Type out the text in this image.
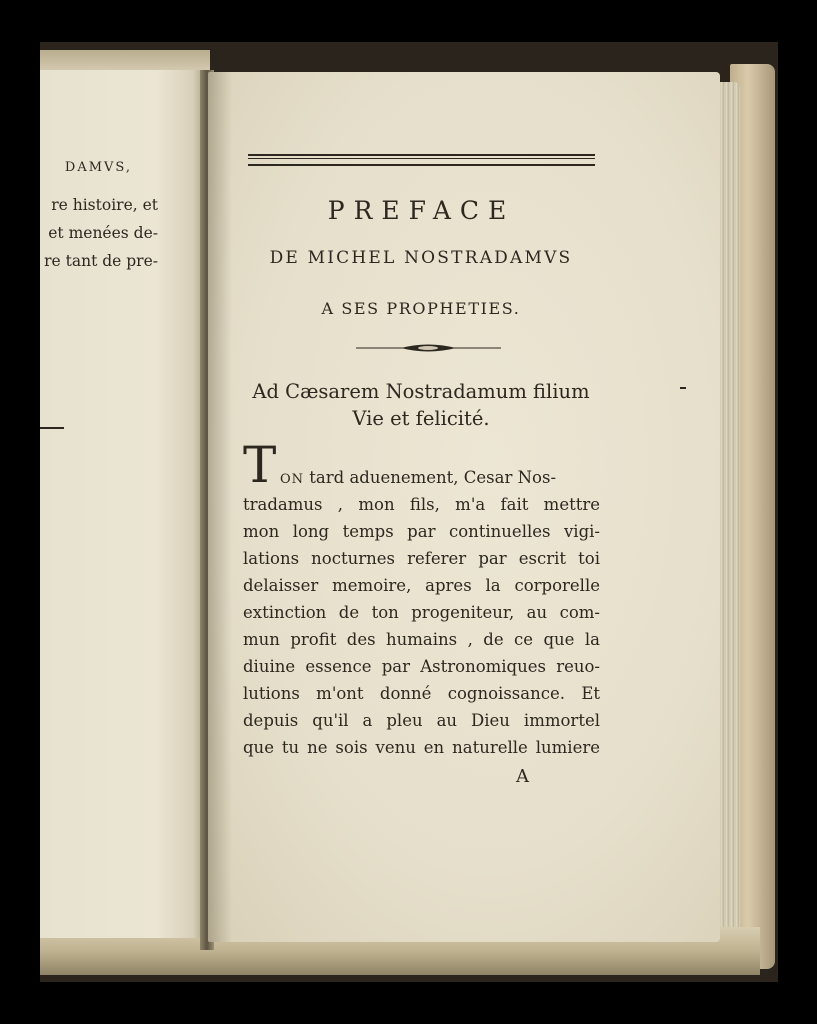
DAMVS,
re histoire, et
et menées de-
re tant de pre-
PREFACE
DE MICHEL NOSTRADAMVS
A SES PROPHETIES.
Ad Cæsarem Nostradamum filium
Vie et felicité.
T ON tard aduenement, Cesar Nos-
tradamus , mon fils, m'a fait mettre
mon long temps par continuelles vigi-
lations nocturnes referer par escrit toi
delaisser memoire, apres la corporelle
extinction de ton progeniteur, au com-
mun profit des humains , de ce que la
diuine essence par Astronomiques reuo-
lutions m'ont donné cognoissance. Et
depuis qu'il a pleu au Dieu immortel
que tu ne sois venu en naturelle lumiere
A
